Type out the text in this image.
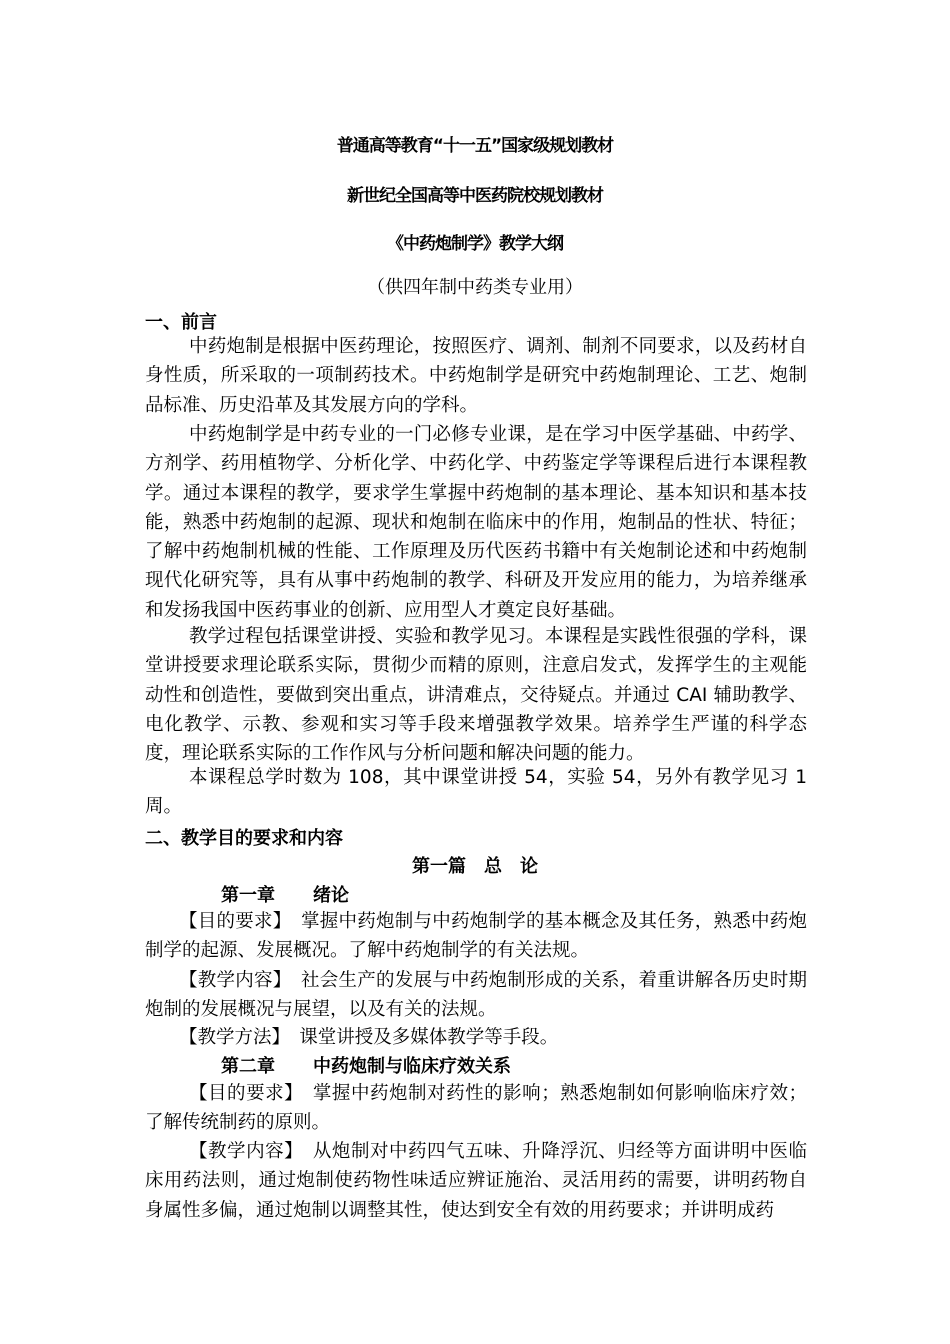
普通高等教育“十一五”国家级规划教材
新世纪全国高等中医药院校规划教材
《中药炮制学》教学大纲
（供四年制中药类专业用）
一、前言

中药炮制是根据中医药理论，按照医疗、调剂、制剂不同要求，以及药材自身性质，所采取的一项制药技术。中药炮制学是研究中药炮制理论、工艺、炮制品标准、历史沿革及其发展方向的学科。

中药炮制学是中药专业的一门必修专业课，是在学习中医学基础、中药学、方剂学、药用植物学、分析化学、中药化学、中药鉴定学等课程后进行本课程教学。通过本课程的教学，要求学生掌握中药炮制的基本理论、基本知识和基本技能，熟悉中药炮制的起源、现状和炮制在临床中的作用，炮制品的性状、特征；了解中药炮制机械的性能、工作原理及历代医药书籍中有关炮制论述和中药炮制现代化研究等，具有从事中药炮制的教学、科研及开发应用的能力，为培养继承和发扬我国中医药事业的创新、应用型人才奠定良好基础。

教学过程包括课堂讲授、实验和教学见习。本课程是实践性很强的学科，课堂讲授要求理论联系实际，贯彻少而精的原则，注意启发式，发挥学生的主观能动性和创造性，要做到突出重点，讲清难点，交待疑点。并通过 CAI 辅助教学、电化教学、示教、参观和实习等手段来增强教学效果。培养学生严谨的科学态度，理论联系实际的工作作风与分析问题和解决问题的能力。

本课程总学时数为 108，其中课堂讲授 54，实验 54，另外有教学见习 1 周。

二、教学目的要求和内容
第一篇　总　论
第一章 绪论

【目的要求】　掌握中药炮制与中药炮制学的基本概念及其任务，熟悉中药炮制学的起源、发展概况。了解中药炮制学的有关法规。

【教学内容】　社会生产的发展与中药炮制形成的关系，着重讲解各历史时期炮制的发展概况与展望，以及有关的法规。

【教学方法】　课堂讲授及多媒体教学等手段。

第二章 中药炮制与临床疗效关系

【目的要求】　掌握中药炮制对药性的影响；熟悉炮制如何影响临床疗效；了解传统制药的原则。

【教学内容】　从炮制对中药四气五味、升降浮沉、归经等方面讲明中医临床用药法则，通过炮制使药物性味适应辨证施治、灵活用药的需要，讲明药物自身属性多偏，通过炮制以调整其性，使达到安全有效的用药要求；并讲明成药
